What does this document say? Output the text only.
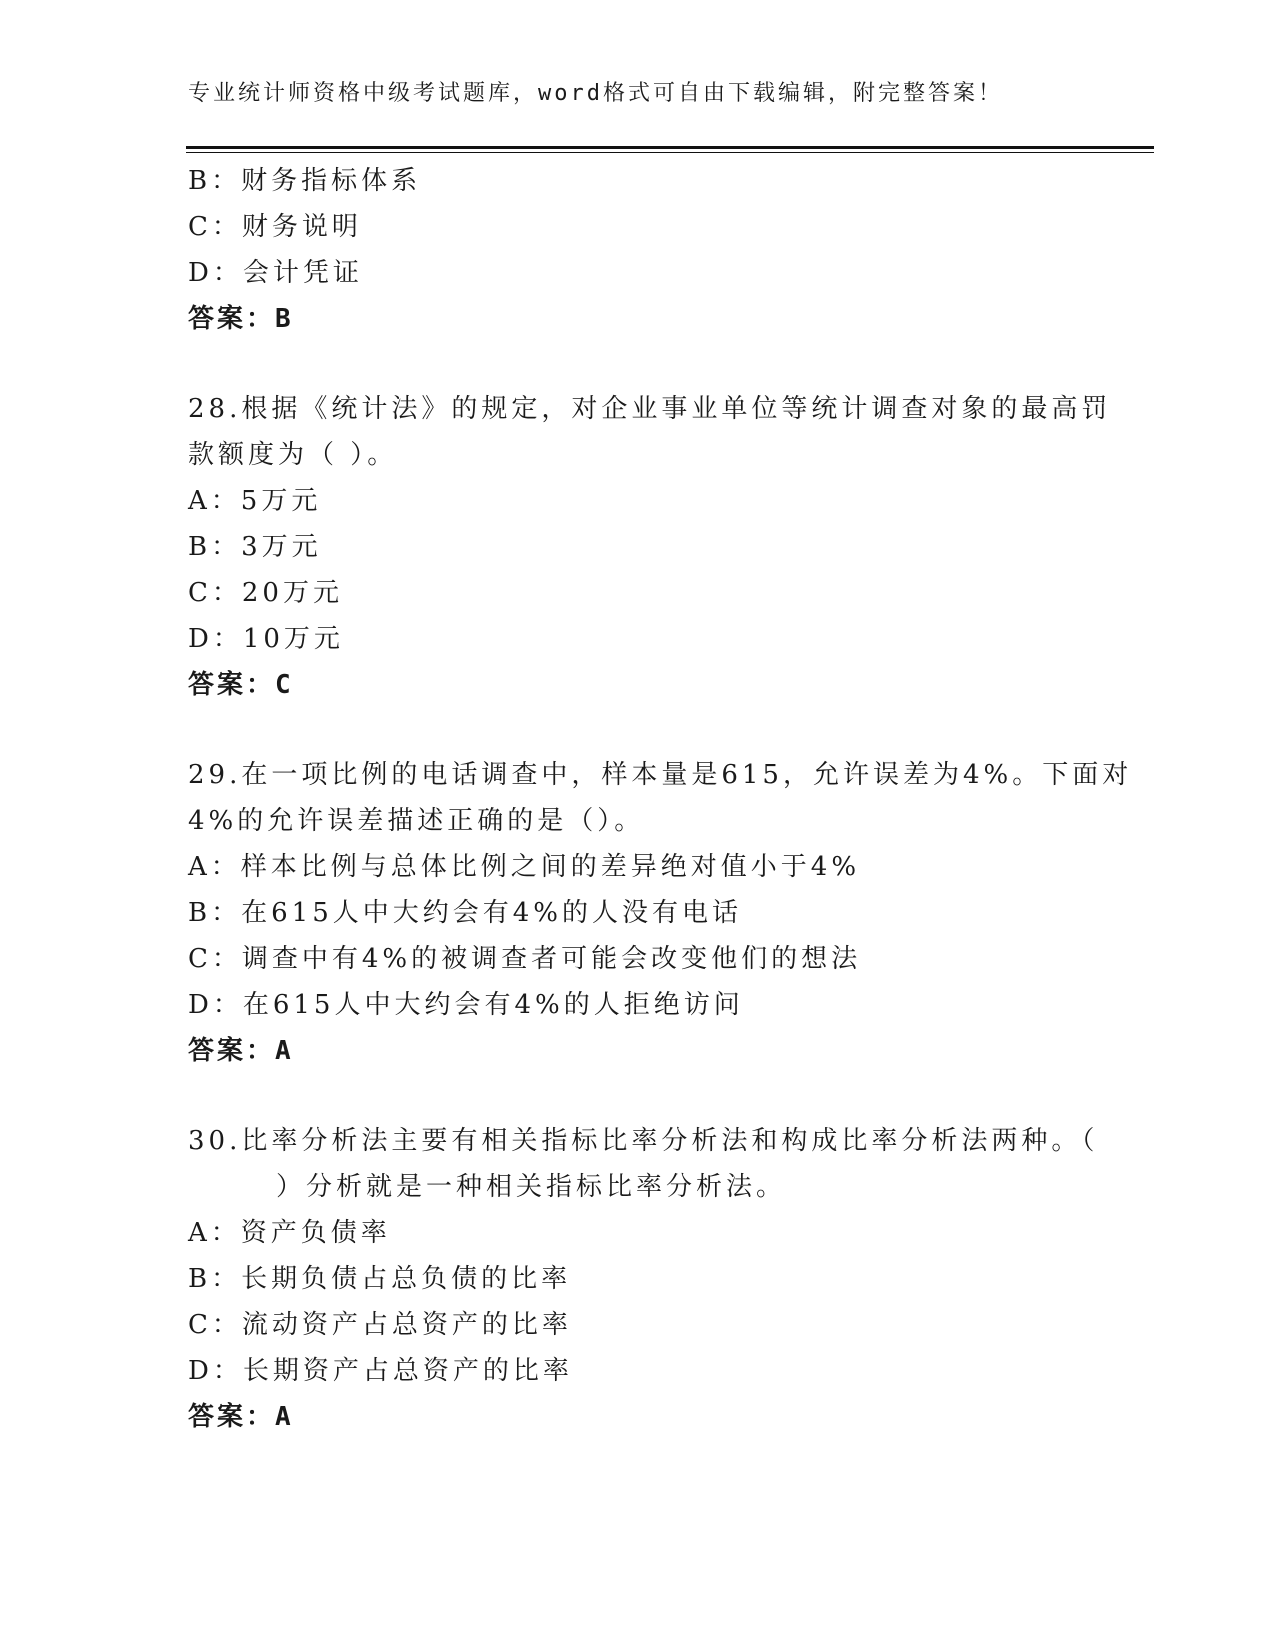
专业统计师资格中级考试题库，word格式可自由下载编辑，附完整答案！
B：财务指标体系
C：财务说明
D：会计凭证
答案：B
28.根据《统计法》的规定，对企业事业单位等统计调查对象的最高罚
款额度为（ ）。
A：5万元
B：3万元
C：20万元
D：10万元
答案：C
29.在一项比例的电话调查中，样本量是615，允许误差为4%。下面对
4%的允许误差描述正确的是（）。
A：样本比例与总体比例之间的差异绝对值小于4%
B：在615人中大约会有4%的人没有电话
C：调查中有4%的被调查者可能会改变他们的想法
D：在615人中大约会有4%的人拒绝访问
答案：A
30.比率分析法主要有相关指标比率分析法和构成比率分析法两种。（
）分析就是一种相关指标比率分析法。
A：资产负债率
B：长期负债占总负债的比率
C：流动资产占总资产的比率
D：长期资产占总资产的比率
答案：A
